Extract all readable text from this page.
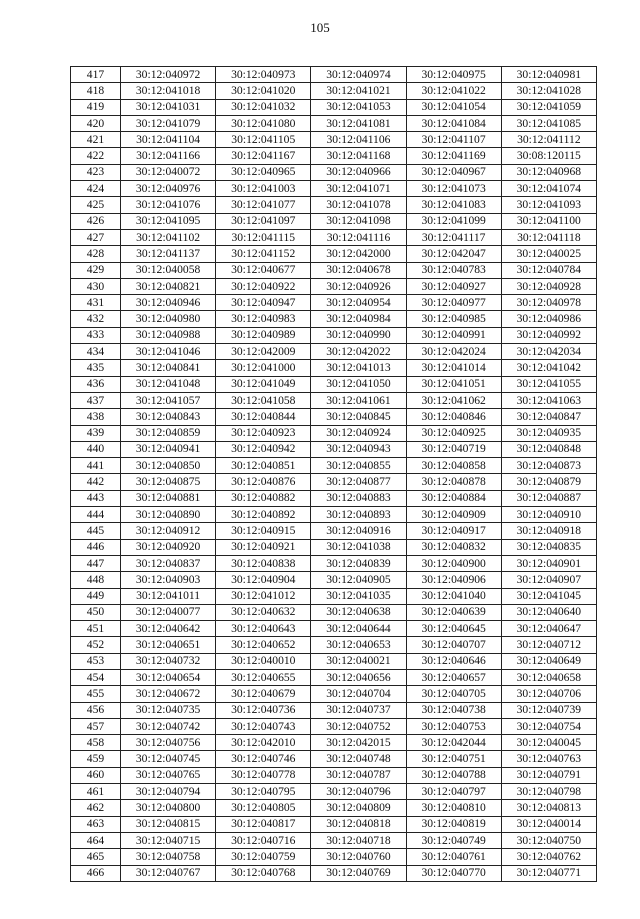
105
417	30:12:040972	30:12:040973	30:12:040974	30:12:040975	30:12:040981
418	30:12:041018	30:12:041020	30:12:041021	30:12:041022	30:12:041028
419	30:12:041031	30:12:041032	30:12:041053	30:12:041054	30:12:041059
420	30:12:041079	30:12:041080	30:12:041081	30:12:041084	30:12:041085
421	30:12:041104	30:12:041105	30:12:041106	30:12:041107	30:12:041112
422	30:12:041166	30:12:041167	30:12:041168	30:12:041169	30:08:120115
423	30:12:040072	30:12:040965	30:12:040966	30:12:040967	30:12:040968
424	30:12:040976	30:12:041003	30:12:041071	30:12:041073	30:12:041074
425	30:12:041076	30:12:041077	30:12:041078	30:12:041083	30:12:041093
426	30:12:041095	30:12:041097	30:12:041098	30:12:041099	30:12:041100
427	30:12:041102	30:12:041115	30:12:041116	30:12:041117	30:12:041118
428	30:12:041137	30:12:041152	30:12:042000	30:12:042047	30:12:040025
429	30:12:040058	30:12:040677	30:12:040678	30:12:040783	30:12:040784
430	30:12:040821	30:12:040922	30:12:040926	30:12:040927	30:12:040928
431	30:12:040946	30:12:040947	30:12:040954	30:12:040977	30:12:040978
432	30:12:040980	30:12:040983	30:12:040984	30:12:040985	30:12:040986
433	30:12:040988	30:12:040989	30:12:040990	30:12:040991	30:12:040992
434	30:12:041046	30:12:042009	30:12:042022	30:12:042024	30:12:042034
435	30:12:040841	30:12:041000	30:12:041013	30:12:041014	30:12:041042
436	30:12:041048	30:12:041049	30:12:041050	30:12:041051	30:12:041055
437	30:12:041057	30:12:041058	30:12:041061	30:12:041062	30:12:041063
438	30:12:040843	30:12:040844	30:12:040845	30:12:040846	30:12:040847
439	30:12:040859	30:12:040923	30:12:040924	30:12:040925	30:12:040935
440	30:12:040941	30:12:040942	30:12:040943	30:12:040719	30:12:040848
441	30:12:040850	30:12:040851	30:12:040855	30:12:040858	30:12:040873
442	30:12:040875	30:12:040876	30:12:040877	30:12:040878	30:12:040879
443	30:12:040881	30:12:040882	30:12:040883	30:12:040884	30:12:040887
444	30:12:040890	30:12:040892	30:12:040893	30:12:040909	30:12:040910
445	30:12:040912	30:12:040915	30:12:040916	30:12:040917	30:12:040918
446	30:12:040920	30:12:040921	30:12:041038	30:12:040832	30:12:040835
447	30:12:040837	30:12:040838	30:12:040839	30:12:040900	30:12:040901
448	30:12:040903	30:12:040904	30:12:040905	30:12:040906	30:12:040907
449	30:12:041011	30:12:041012	30:12:041035	30:12:041040	30:12:041045
450	30:12:040077	30:12:040632	30:12:040638	30:12:040639	30:12:040640
451	30:12:040642	30:12:040643	30:12:040644	30:12:040645	30:12:040647
452	30:12:040651	30:12:040652	30:12:040653	30:12:040707	30:12:040712
453	30:12:040732	30:12:040010	30:12:040021	30:12:040646	30:12:040649
454	30:12:040654	30:12:040655	30:12:040656	30:12:040657	30:12:040658
455	30:12:040672	30:12:040679	30:12:040704	30:12:040705	30:12:040706
456	30:12:040735	30:12:040736	30:12:040737	30:12:040738	30:12:040739
457	30:12:040742	30:12:040743	30:12:040752	30:12:040753	30:12:040754
458	30:12:040756	30:12:042010	30:12:042015	30:12:042044	30:12:040045
459	30:12:040745	30:12:040746	30:12:040748	30:12:040751	30:12:040763
460	30:12:040765	30:12:040778	30:12:040787	30:12:040788	30:12:040791
461	30:12:040794	30:12:040795	30:12:040796	30:12:040797	30:12:040798
462	30:12:040800	30:12:040805	30:12:040809	30:12:040810	30:12:040813
463	30:12:040815	30:12:040817	30:12:040818	30:12:040819	30:12:040014
464	30:12:040715	30:12:040716	30:12:040718	30:12:040749	30:12:040750
465	30:12:040758	30:12:040759	30:12:040760	30:12:040761	30:12:040762
466	30:12:040767	30:12:040768	30:12:040769	30:12:040770	30:12:040771
